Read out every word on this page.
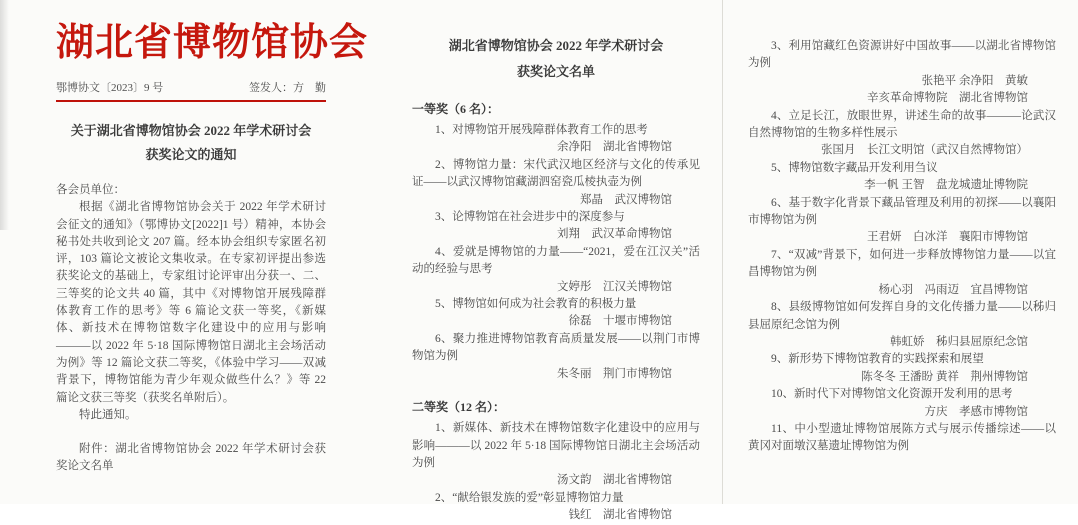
湖北省博物馆协会
鄂博协文〔2023〕9 号	签发人：方　勤
关于湖北省博物馆协会 2022 年学术研讨会
获奖论文的通知

各会员单位：

根据《湖北省博物馆协会关于 2022 年学术研讨会征文的通知》（鄂博协文[2022]1 号）精神，本协会秘书处共收到论文 207 篇。经本协会组织专家匿名初评，103 篇论文被论文集收录。在专家初评提出参选获奖论文的基础上，专家组讨论评审出分获一、二、三等奖的论文共 40 篇，其中《对博物馆开展残障群体教育工作的思考》等 6 篇论文获一等奖，《新媒体、新技术在博物馆数字化建设中的应用与影响———以 2022 年 5·18 国际博物馆日湖北主会场活动为例》等 12 篇论文获二等奖，《体验中学习——双减背景下，博物馆能为青少年观众做些什么？》等 22 篇论文获三等奖（获奖名单附后）。

特此通知。

附件：湖北省博物馆协会 2022 年学术研讨会获奖论文名单

湖北省博物馆协会 2022 年学术研讨会
获奖论文名单
一等奖（6 名）：

1、对博物馆开展残障群体教育工作的思考

余净阳　湖北省博物馆

2、博物馆力量：宋代武汉地区经济与文化的传承见证——以武汉博物馆藏湖泗窑瓷瓜棱执壶为例

郑晶　武汉博物馆

3、论博物馆在社会进步中的深度参与

刘翔　武汉革命博物馆

4、爱就是博物馆的力量——“2021，爱在江汉关”活动的经验与思考

文婷彤　江汉关博物馆

5、博物馆如何成为社会教育的积极力量

徐磊　十堰市博物馆

6、聚力推进博物馆教育高质量发展——以荆门市博物馆为例

朱冬丽　荆门市博物馆

二等奖（12 名）：

1、新媒体、新技术在博物馆数字化建设中的应用与影响———以 2022 年 5·18 国际博物馆日湖北主会场活动为例

汤文韵　湖北省博物馆

2、“献给银发族的爱”彰显博物馆力量

钱红　湖北省博物馆

3、利用馆藏红色资源讲好中国故事——以湖北省博物馆为例

张艳平 余净阳　黄敏

辛亥革命博物院　湖北省博物馆

4、立足长江，放眼世界，讲述生命的故事———论武汉自然博物馆的生物多样性展示

张国月　长江文明馆（武汉自然博物馆）

5、博物馆数字藏品开发利用刍议

李一帆 王智　盘龙城遗址博物院

6、基于数字化背景下藏品管理及利用的初探——以襄阳市博物馆为例

王君妍　白冰洋　襄阳市博物馆

7、“双减”背景下，如何进一步释放博物馆力量——以宜昌博物馆为例

杨心羽　冯雨迈　宜昌博物馆

8、县级博物馆如何发挥自身的文化传播力量——以秭归县屈原纪念馆为例

韩虹娇　秭归县屈原纪念馆

9、新形势下博物馆教育的实践探索和展望

陈冬冬 王潘盼 黄祥　荆州博物馆

10、新时代下对博物馆文化资源开发利用的思考

方庆　孝感市博物馆

11、中小型遗址博物馆展陈方式与展示传播综述——以黄冈对面墩汉墓遗址博物馆为例
